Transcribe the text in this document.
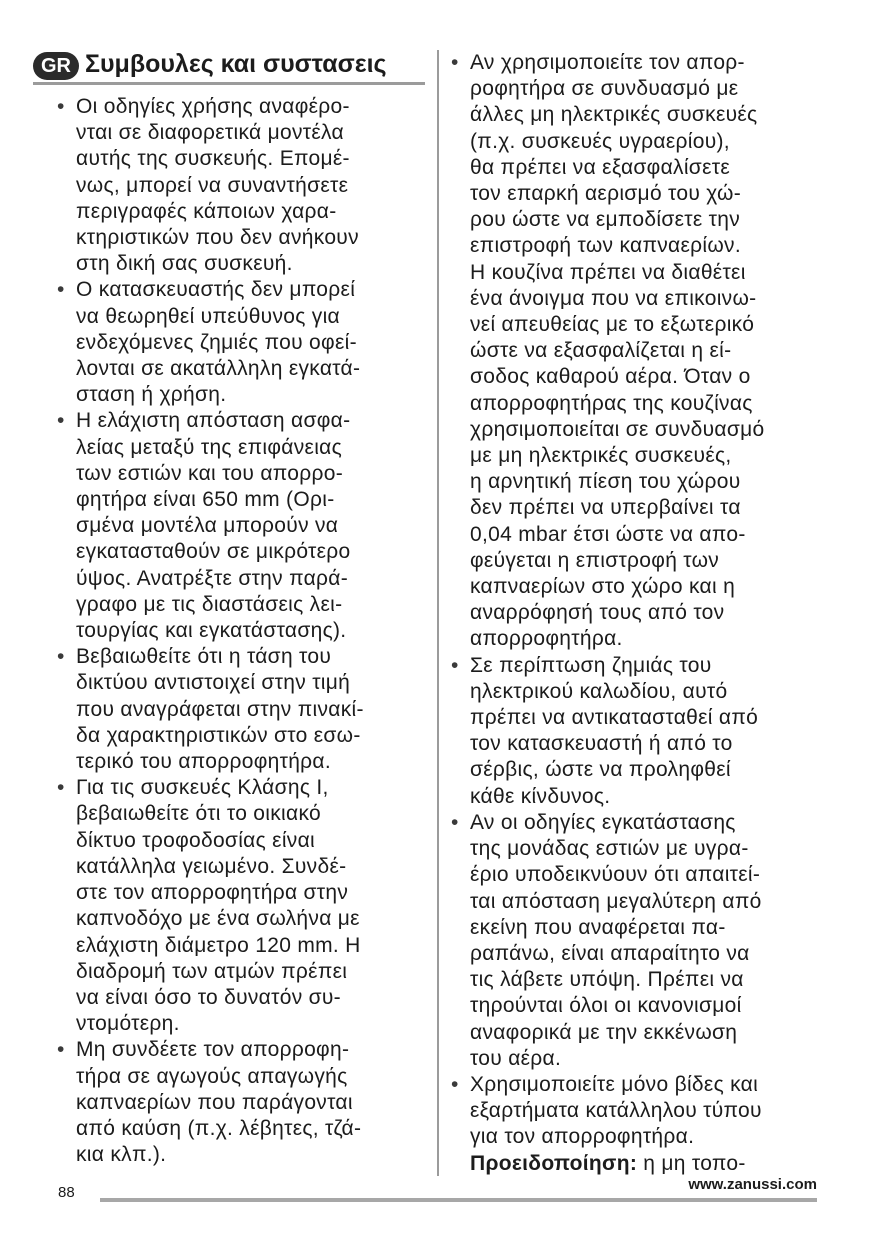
GR Συμβουλες και συστασεις
• Οι οδηγίες χρήσης αναφέρο-
νται σε διαφορετικά μοντέλα
αυτής της συσκευής. Επομέ-
νως, μπορεί να συναντήσετε
περιγραφές κάποιων χαρα-
κτηριστικών που δεν ανήκουν
στη δική σας συσκευή.
• Ο κατασκευαστής δεν μπορεί
να θεωρηθεί υπεύθυνος για
ενδεχόμενες ζημιές που οφεί-
λονται σε ακατάλληλη εγκατά-
σταση ή χρήση.
• Η ελάχιστη απόσταση ασφα-
λείας μεταξύ της επιφάνειας
των εστιών και του απορρο-
φητήρα είναι 650 mm (Ορι-
σμένα μοντέλα μπορούν να
εγκατασταθούν σε μικρότερο
ύψος. Ανατρέξτε στην παρά-
γραφο με τις διαστάσεις λει-
τουργίας και εγκατάστασης).
• Βεβαιωθείτε ότι η τάση του
δικτύου αντιστοιχεί στην τιμή
που αναγράφεται στην πινακί-
δα χαρακτηριστικών στο εσω-
τερικό του απορροφητήρα.
• Για τις συσκευές Κλάσης Ι,
βεβαιωθείτε ότι το οικιακό
δίκτυο τροφοδοσίας είναι
κατάλληλα γειωμένο. Συνδέ-
στε τον απορροφητήρα στην
καπνοδόχο με ένα σωλήνα με
ελάχιστη διάμετρο 120 mm. Η
διαδρομή των ατμών πρέπει
να είναι όσο το δυνατόν συ-
ντομότερη.
• Μη συνδέετε τον απορροφη-
τήρα σε αγωγούς απαγωγής
καπναερίων που παράγονται
από καύση (π.χ. λέβητες, τζά-
κια κλπ.).
• Αν χρησιμοποιείτε τον απορ-
ροφητήρα σε συνδυασμό με
άλλες μη ηλεκτρικές συσκευές
(π.χ. συσκευές υγραερίου),
θα πρέπει να εξασφαλίσετε
τον επαρκή αερισμό του χώ-
ρου ώστε να εμποδίσετε την
επιστροφή των καπναερίων.
Η κουζίνα πρέπει να διαθέτει
ένα άνοιγμα που να επικοινω-
νεί απευθείας με το εξωτερικό
ώστε να εξασφαλίζεται η εί-
σοδος καθαρού αέρα. Όταν ο
απορροφητήρας της κουζίνας
χρησιμοποιείται σε συνδυασμό
με μη ηλεκτρικές συσκευές,
η αρνητική πίεση του χώρου
δεν πρέπει να υπερβαίνει τα
0,04 mbar έτσι ώστε να απο-
φεύγεται η επιστροφή των
καπναερίων στο χώρο και η
αναρρόφησή τους από τον
απορροφητήρα.
• Σε περίπτωση ζημιάς του
ηλεκτρικού καλωδίου, αυτό
πρέπει να αντικατασταθεί από
τον κατασκευαστή ή από το
σέρβις, ώστε να προληφθεί
κάθε κίνδυνος.
• Αν οι οδηγίες εγκατάστασης
της μονάδας εστιών με υγρα-
έριο υποδεικνύουν ότι απαιτεί-
ται απόσταση μεγαλύτερη από
εκείνη που αναφέρεται πα-
ραπάνω, είναι απαραίτητο να
τις λάβετε υπόψη. Πρέπει να
τηρούνται όλοι οι κανονισμοί
αναφορικά με την εκκένωση
του αέρα.
• Χρησιμοποιείτε μόνο βίδες και
εξαρτήματα κατάλληλου τύπου
για τον απορροφητήρα.
Προειδοποίηση: η μη τοπο-
88	www.zanussi.com
